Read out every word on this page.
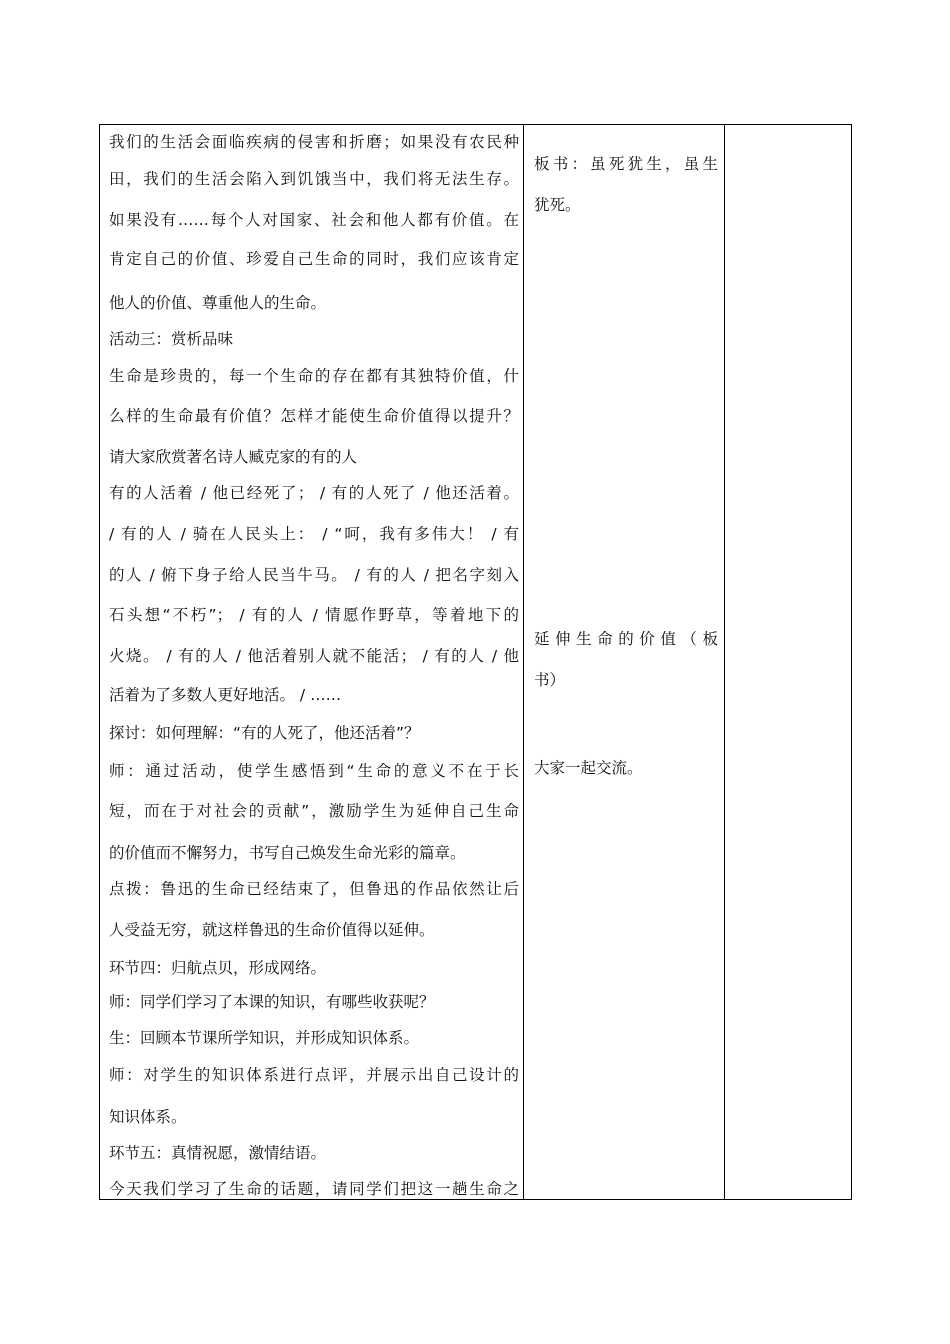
我们的生活会面临疾病的侵害和折磨；如果没有农民种
田，我们的生活会陷入到饥饿当中，我们将无法生存。
如果没有……每个人对国家、社会和他人都有价值。在
肯定自己的价值、珍爱自己生命的同时，我们应该肯定
他人的价值、尊重他人的生命。
活动三：赏析品味
生命是珍贵的，每一个生命的存在都有其独特价值，什
么样的生命最有价值？怎样才能使生命价值得以提升？
请大家欣赏著名诗人臧克家的有的人
有的人活着 / 他已经死了； / 有的人死了 / 他还活着。
/ 有的人 / 骑在人民头上： / “呵，我有多伟大！ / 有
的人 / 俯下身子给人民当牛马。 / 有的人 / 把名字刻入
石头想“不朽”； / 有的人 / 情愿作野草，等着地下的
火烧。 / 有的人 / 他活着别人就不能活； / 有的人 / 他
活着为了多数人更好地活。 / ……
探讨：如何理解：“有的人死了，他还活着”？
师：通过活动，使学生感悟到“生命的意义不在于长
短，而在于对社会的贡献”，激励学生为延伸自己生命
的价值而不懈努力，书写自己焕发生命光彩的篇章。
点拨：鲁迅的生命已经结束了，但鲁迅的作品依然让后
人受益无穷，就这样鲁迅的生命价值得以延伸。
环节四：归航点贝，形成网络。
师：同学们学习了本课的知识，有哪些收获呢？
生：回顾本节课所学知识，并形成知识体系。
师：对学生的知识体系进行点评，并展示出自己设计的
知识体系。
环节五：真情祝愿，激情结语。
今天我们学习了生命的话题，请同学们把这一趟生命之
板书：虽死犹生，虽生
犹死。
延伸生命的价值（板
书）
大家一起交流。
